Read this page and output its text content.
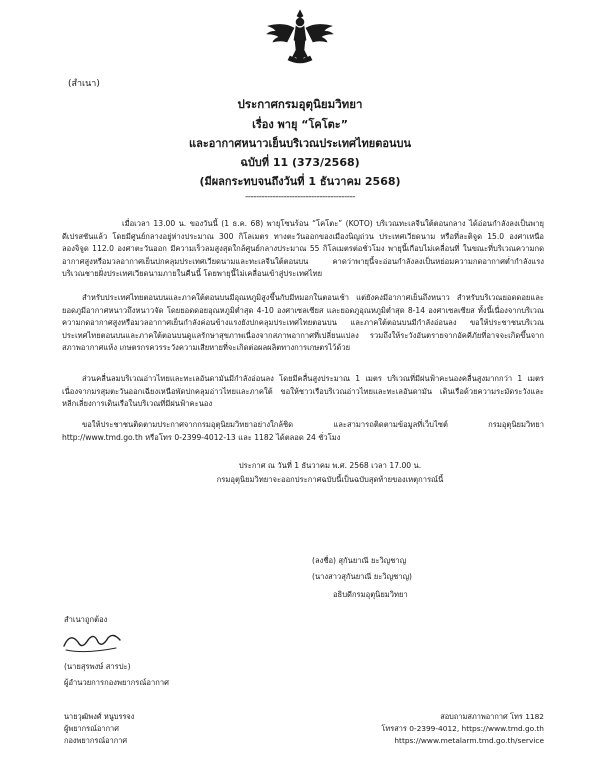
(สำเนา)
ประกาศกรมอุตุนิยมวิทยา
เรื่อง พายุ “โคโตะ”
และอากาศหนาวเย็นบริเวณประเทศไทยตอนบน
ฉบับที่ 11 (373/2568)
(มีผลกระทบจนถึงวันที่ 1 ธันวาคม 2568)
----------------------------------------
เมื่อเวลา 13.00 น. ของวันนี้ (1 ธ.ค. 68) พายุโซนร้อน “โคโตะ” (KOTO) บริเวณทะเลจีนใต้ตอนกลาง ได้อ่อนกำลังลงเป็นพายุดีเปรสชันแล้ว โดยมีศูนย์กลางอยู่ห่างประมาณ 300 กิโลเมตร ทางตะวันออกของเมืองนิญถ่วน ประเทศเวียดนาม หรือที่ละติจูด 15.0 องศาเหนือ ลองจิจูด 112.0 องศาตะวันออก มีความเร็วลมสูงสุดใกล้ศูนย์กลางประมาณ 55 กิโลเมตรต่อชั่วโมง พายุนี้เกือบไม่เคลื่อนที่ ในขณะที่บริเวณความกดอากาศสูงหรือมวลอากาศเย็นปกคลุมประเทศเวียดนามและทะเลจีนใต้ตอนบน คาดว่าพายุนี้จะอ่อนกำลังลงเป็นหย่อมความกดอากาศต่ำกำลังแรงบริเวณชายฝั่งประเทศเวียดนามภายในคืนนี้ โดยพายุนี้ไม่เคลื่อนเข้าสู่ประเทศไทย
สำหรับประเทศไทยตอนบนและภาคใต้ตอนบนมีอุณหภูมิสูงขึ้นกับมีหมอกในตอนเช้า แต่ยังคงมีอากาศเย็นถึงหนาว สำหรับบริเวณยอดดอยและยอดภูมีอากาศหนาวถึงหนาวจัด โดยยอดดอยอุณหภูมิต่ำสุด 4-10 องศาเซลเซียส และยอดภูอุณหภูมิต่ำสุด 8-14 องศาเซลเซียส ทั้งนี้เนื่องจากบริเวณความกดอากาศสูงหรือมวลอากาศเย็นกำลังค่อนข้างแรงยังปกคลุมประเทศไทยตอนบน และภาคใต้ตอนบนมีกำลังอ่อนลง ขอให้ประชาชนบริเวณประเทศไทยตอนบนและภาคใต้ตอนบนดูแลรักษาสุขภาพเนื่องจากสภาพอากาศที่เปลี่ยนแปลง รวมถึงให้ระวังอันตรายจากอัคคีภัยที่อาจจะเกิดขึ้นจากสภาพอากาศแห้ง เกษตรกรควรระวังความเสียหายที่จะเกิดต่อผลผลิตทางการเกษตรไว้ด้วย
ส่วนคลื่นลมบริเวณอ่าวไทยและทะเลอันดามันมีกำลังอ่อนลง โดยมีคลื่นสูงประมาณ 1 เมตร บริเวณที่มีฝนฟ้าคะนองคลื่นสูงมากกว่า 1 เมตร เนื่องจากมรสุมตะวันออกเฉียงเหนือพัดปกคลุมอ่าวไทยและภาคใต้ ขอให้ชาวเรือบริเวณอ่าวไทยและทะเลอันดามัน เดินเรือด้วยความระมัดระวังและหลีกเลี่ยงการเดินเรือในบริเวณที่มีฝนฟ้าคะนอง
ขอให้ประชาชนติดตามประกาศจากกรมอุตุนิยมวิทยาอย่างใกล้ชิด และสามารถติดตามข้อมูลที่เว็บไซต์ กรมอุตุนิยมวิทยา http://www.tmd.go.th หรือโทร 0-2399-4012-13 และ 1182 ได้ตลอด 24 ชั่วโมง
ประกาศ ณ วันที่ 1 ธันวาคม พ.ศ. 2568 เวลา 17.00 น.
กรมอุตุนิยมวิทยาจะออกประกาศฉบับนี้เป็นฉบับสุดท้ายของเหตุการณ์นี้
(ลงชื่อ) สุกันยาณี ยะวิญชาญ
(นางสาวสุกันยาณี ยะวิญชาญ)
อธิบดีกรมอุตุนิยมวิทยา
สำเนาถูกต้อง
(นายสุรพงษ์ สารปะ)
ผู้อำนวยการกองพยากรณ์อากาศ
นายวุฒิพงศ์ หนูบรรจง
ผู้พยากรณ์อากาศ
กองพยากรณ์อากาศ
สอบถามสภาพอากาศ โทร 1182
โทรสาร 0-2399-4012, https://www.tmd.go.th
https://www.metalarm.tmd.go.th/service
